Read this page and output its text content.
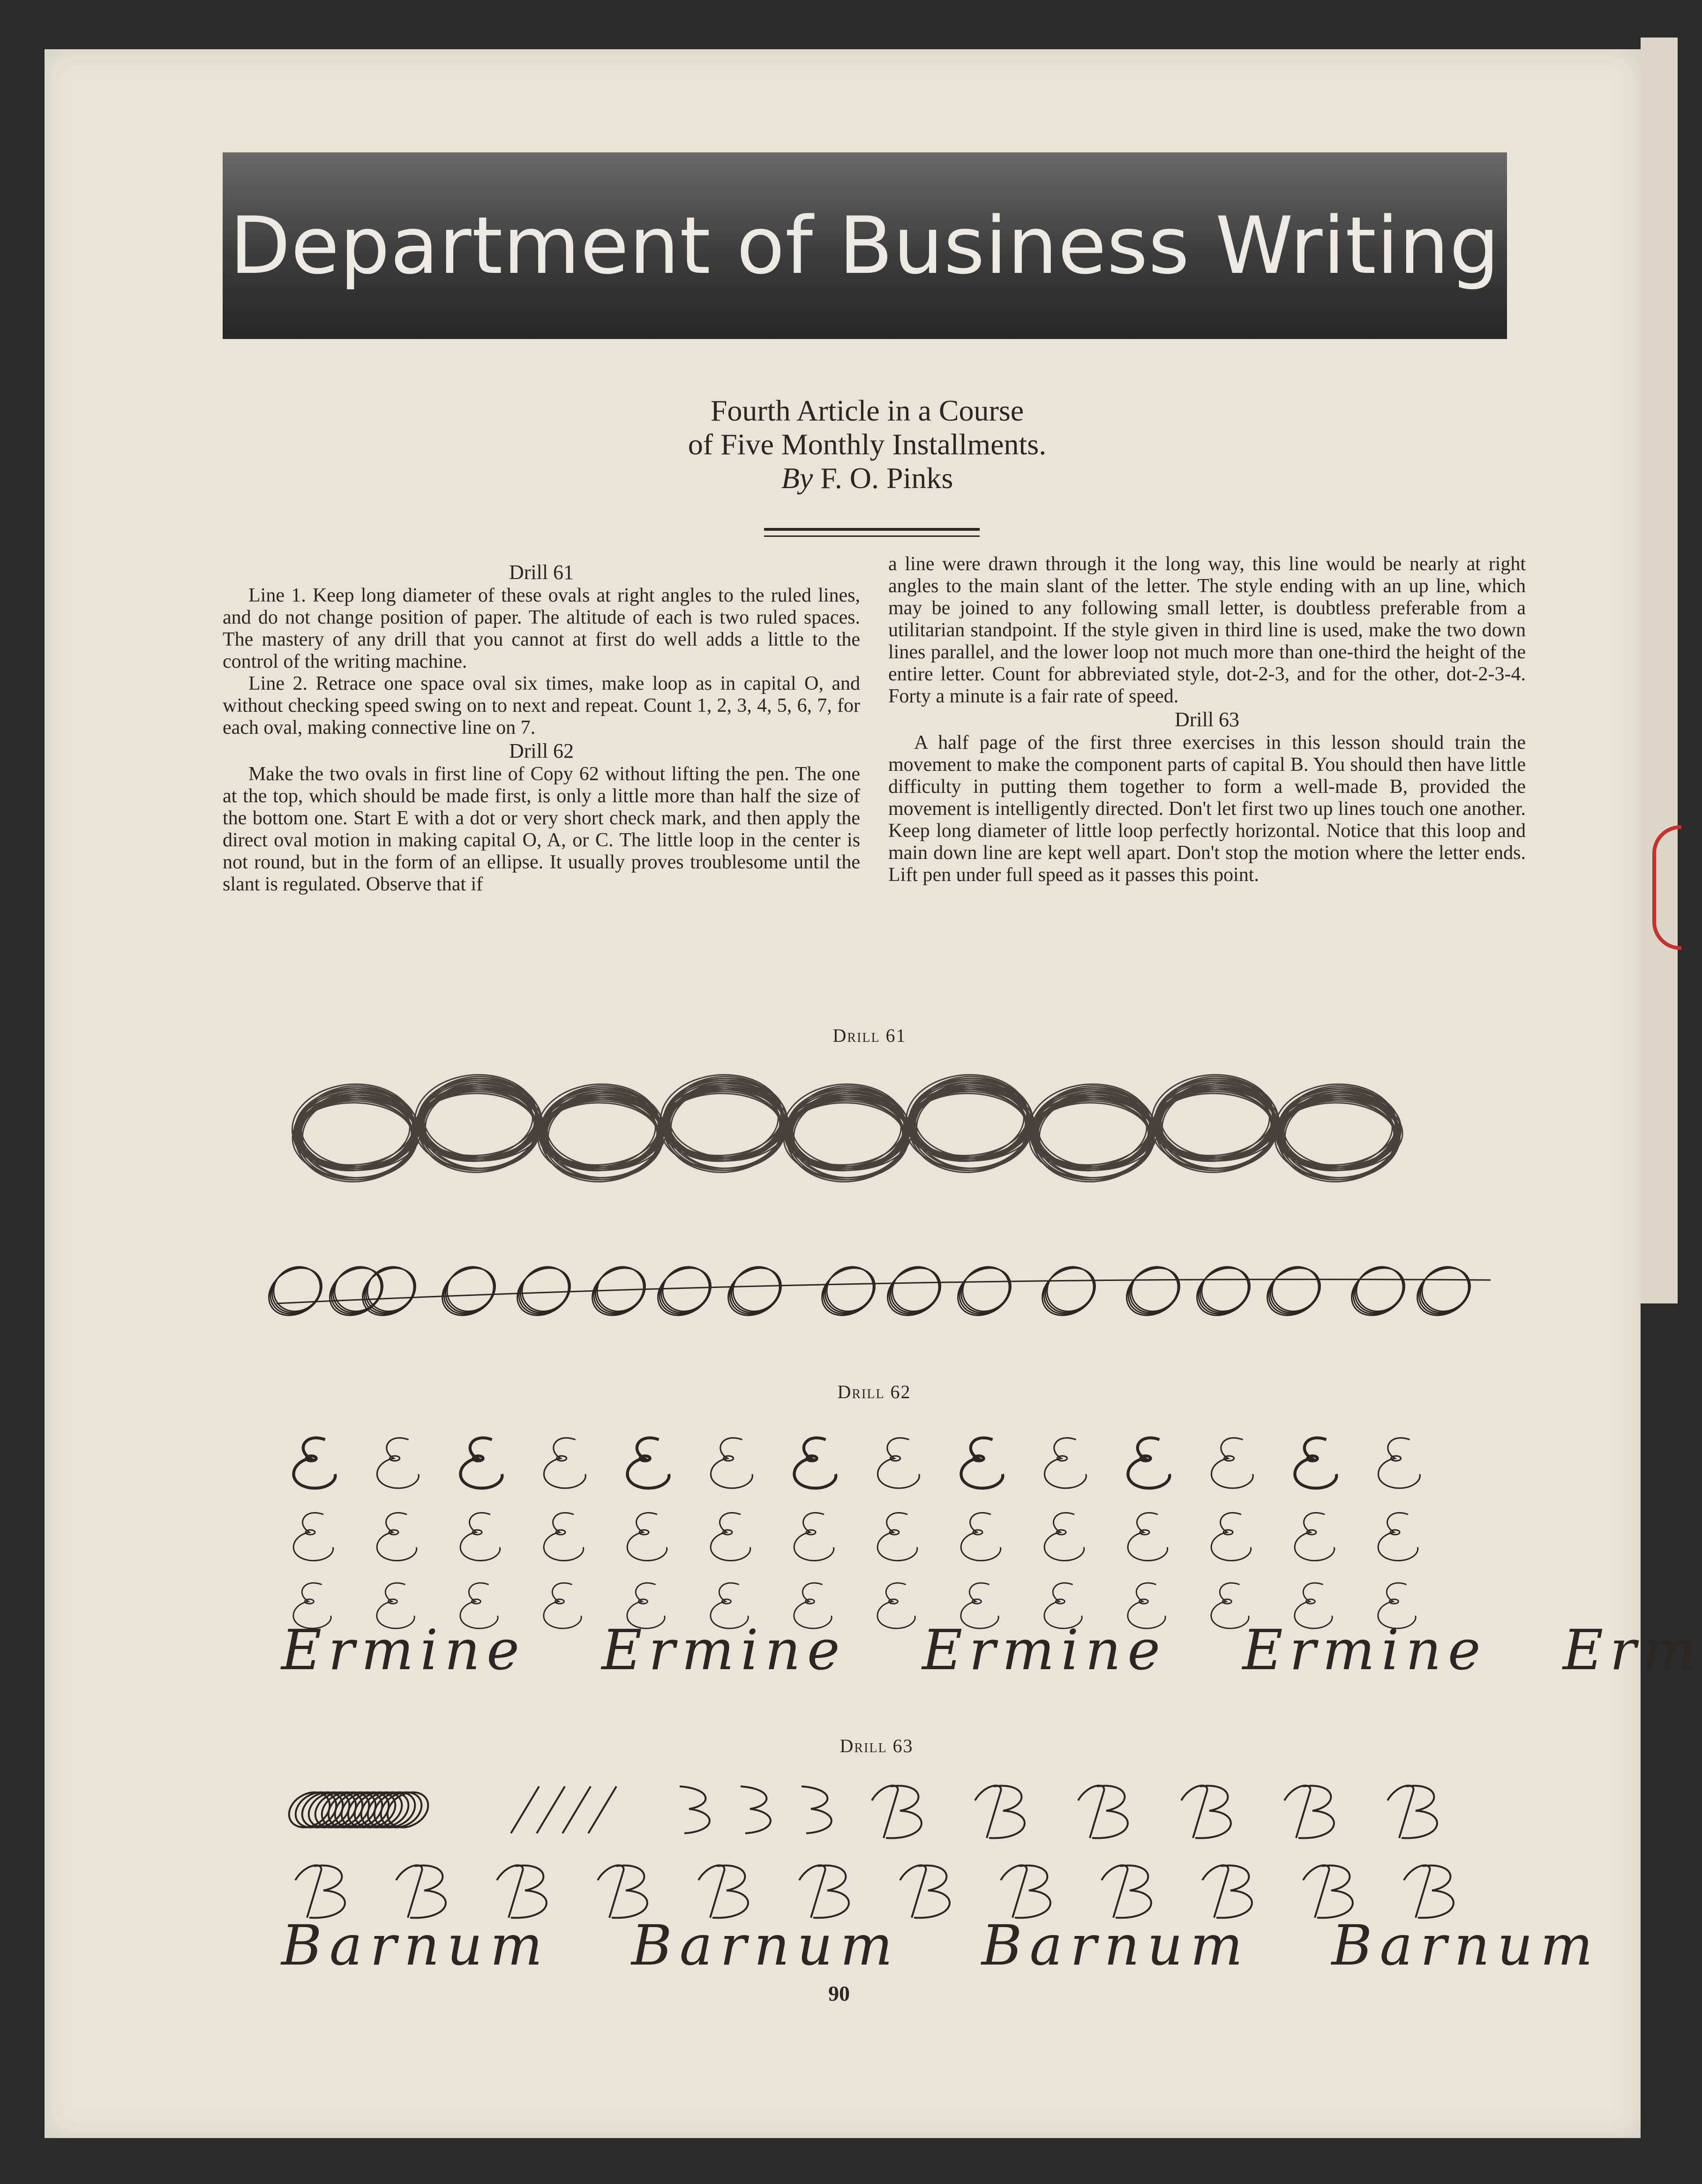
Department of Business Writing
Fourth Article in a Course
of Five Monthly Installments.
By F. O. Pinks
Drill 61

Line 1. Keep long diameter of these ovals at right angles to the ruled lines, and do not change position of paper. The altitude of each is two ruled spaces. The mastery of any drill that you cannot at first do well adds a little to the control of the writing machine.

Line 2. Retrace one space oval six times, make loop as in capital O, and without checking speed swing on to next and repeat. Count 1, 2, 3, 4, 5, 6, 7, for each oval, making connective line on 7.

Drill 62

Make the two ovals in first line of Copy 62 without lifting the pen. The one at the top, which should be made first, is only a little more than half the size of the bottom one. Start E with a dot or very short check mark, and then apply the direct oval motion in making capital O, A, or C. The little loop in the center is not round, but in the form of an ellipse. It usually proves troublesome until the slant is regulated. Observe that if

a line were drawn through it the long way, this line would be nearly at right angles to the main slant of the letter. The style ending with an up line, which may be joined to any following small letter, is doubtless preferable from a utilitarian standpoint. If the style given in third line is used, make the two down lines parallel, and the lower loop not much more than one-third the height of the entire letter. Count for abbreviated style, dot-2-3, and for the other, dot-2-3-4. Forty a minute is a fair rate of speed.

Drill 63

A half page of the first three exercises in this lesson should train the movement to make the component parts of capital B. You should then have little difficulty in putting them together to form a well-made B, provided the movement is intelligently directed. Don't let first two up lines touch one another. Keep long diameter of little loop perfectly horizontal. Notice that this loop and main down line are kept well apart. Don't stop the motion where the letter ends. Lift pen under full speed as it passes this point.

Drill 61
Drill 62
Ermine Ermine Ermine Ermine Erm
Drill 63
Barnum Barnum Barnum Barnum
90
